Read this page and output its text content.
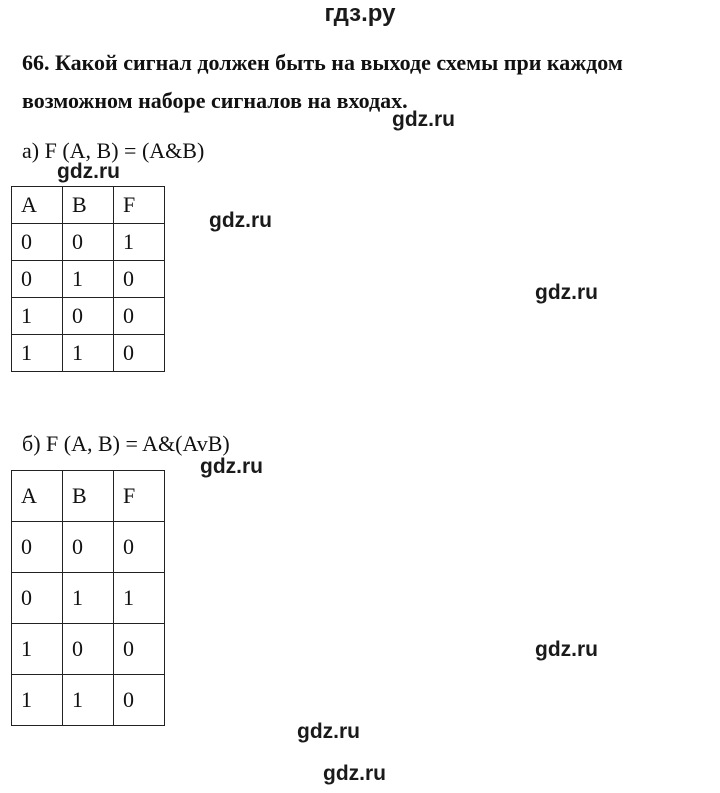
гдз.ру
66. Какой сигнал должен быть на выходе схемы при каждом
возможном наборе сигналов на входах.
gdz.ru
а) F (A, B) = (A&B)
gdz.ru
A	B	F
0	0	1
0	1	0
1	0	0
1	1	0
gdz.ru
gdz.ru
б) F (A, B) = A&(AvB)
gdz.ru
A	B	F
0	0	0
0	1	1
1	0	0
1	1	0
gdz.ru
gdz.ru
gdz.ru
